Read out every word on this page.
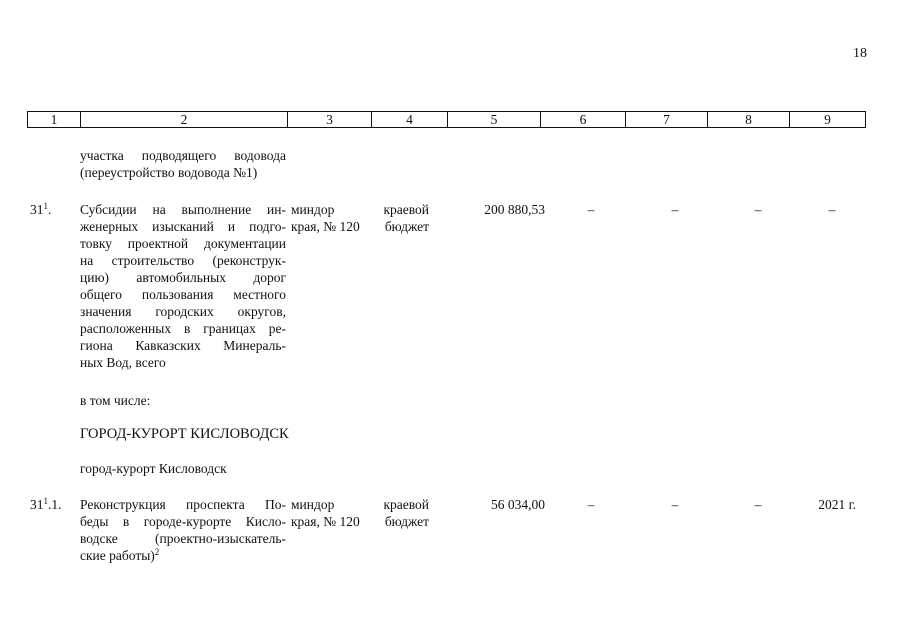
18
1	2	3	4	5	6	7	8	9
участка подводящего водовода
(переустройство водовода №1)
$31^1$.	Субсидии на выполнение ин-
женерных изысканий и подго-
товку проектной документации
на строительство (реконструк-
цию) автомобильных дорог
общего пользования местного
значения городских округов,
расположенных в границах ре-
гиона Кавказских Минераль-
ных Вод, всего
миндор	краевой
края, № 120 бюджет
200 880,53	–	–	–	–
в том числе:
ГОРОД-КУРОРТ КИСЛОВОДСК
город-курорт Кисловодск
$31^1.1$.	Реконструкция проспекта По-
беды в городе-курорте Кисло-
водске (проектно-изыскатель-
ские работы)$^2$
миндор	краевой
края, № 120 бюджет
56 034,00	–	–	–	2021 г.
